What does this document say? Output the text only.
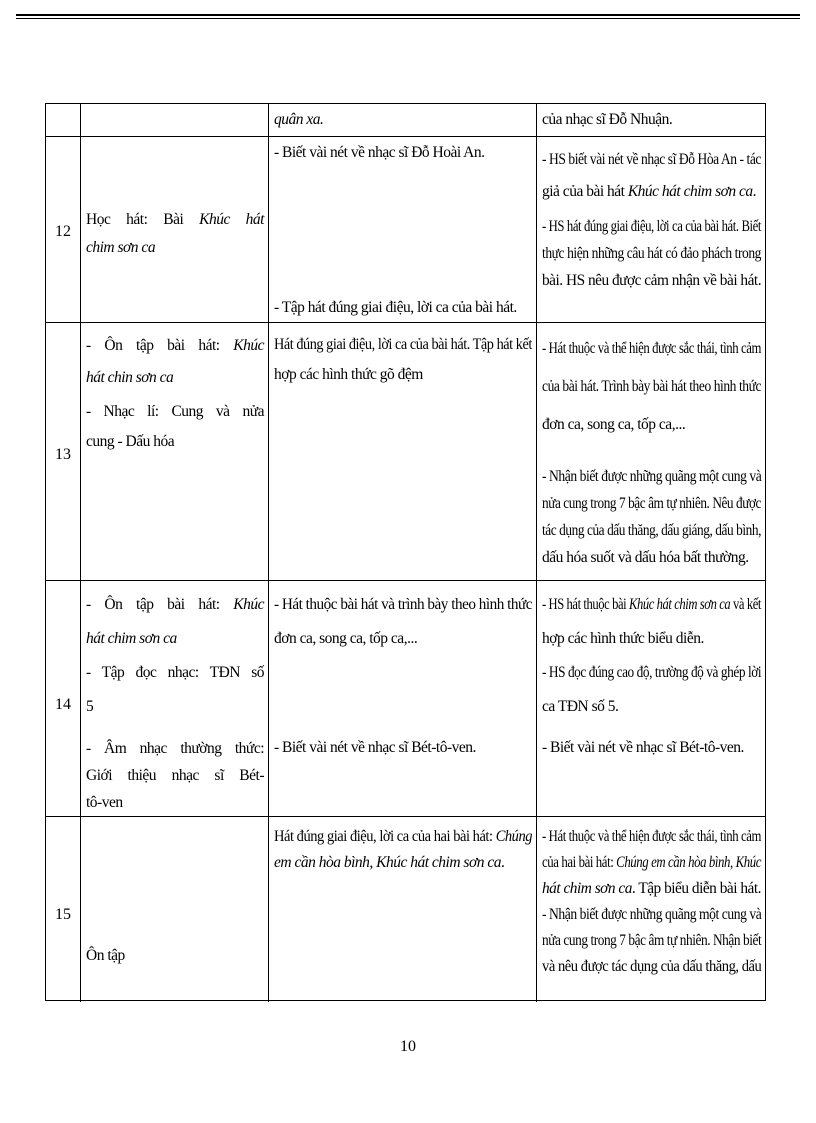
quân xa.	của nhạc sĩ Đỗ Nhuận.
12
Học hát: Bài Khúc hát
chim sơn ca
- Biết vài nét về nhạc sĩ Đỗ Hoài An.
- Tập hát đúng giai điệu, lời ca của bài hát.
- HS biết vài nét về nhạc sĩ Đỗ Hòa An - tác
giả của bài hát Khúc hát chim sơn ca.
- HS hát đúng giai điệu, lời ca của bài hát. Biết
thực hiện những câu hát có đảo phách trong
bài. HS nêu được cảm nhận về bài hát.
13
- Ôn tập bài hát: Khúc
hát chin sơn ca
- Nhạc lí: Cung và nửa
cung - Dấu hóa
Hát đúng giai điệu, lời ca của bài hát. Tập hát kết
hợp các hình thức gõ đệm
- Hát thuộc và thể hiện được sắc thái, tình cảm
của bài hát. Trình bày bài hát theo hình thức
đơn ca, song ca, tốp ca,...
- Nhận biết được những quãng một cung và
nửa cung trong 7 bậc âm tự nhiên. Nêu được
tác dụng của dấu thăng, dấu giáng, dấu bình,
dấu hóa suốt và dấu hóa bất thường.
14
- Ôn tập bài hát: Khúc
hát chim sơn ca
- Tập đọc nhạc: TĐN số
5
- Âm nhạc thường thức:
Giới thiệu nhạc sĩ Bét-
tô-ven
- Hát thuộc bài hát và trình bày theo hình thức
đơn ca, song ca, tốp ca,...
- Biết vài nét về nhạc sĩ Bét-tô-ven.
- HS hát thuộc bài Khúc hát chim sơn ca và kết
hợp các hình thức biểu diễn.
- HS đọc đúng cao độ, trường độ và ghép lời
ca TĐN số 5.
- Biết vài nét về nhạc sĩ Bét-tô-ven.
15
Ôn tập
Hát đúng giai điệu, lời ca của hai bài hát: Chúng
em cần hòa bình, Khúc hát chim sơn ca.
- Hát thuộc và thể hiện được sắc thái, tình cảm
của hai bài hát: Chúng em cần hòa bình, Khúc
hát chim sơn ca. Tập biểu diễn bài hát.
- Nhận biết được những quãng một cung và
nửa cung trong 7 bậc âm tự nhiên. Nhận biết
và nêu được tác dụng của dấu thăng, dấu
10
